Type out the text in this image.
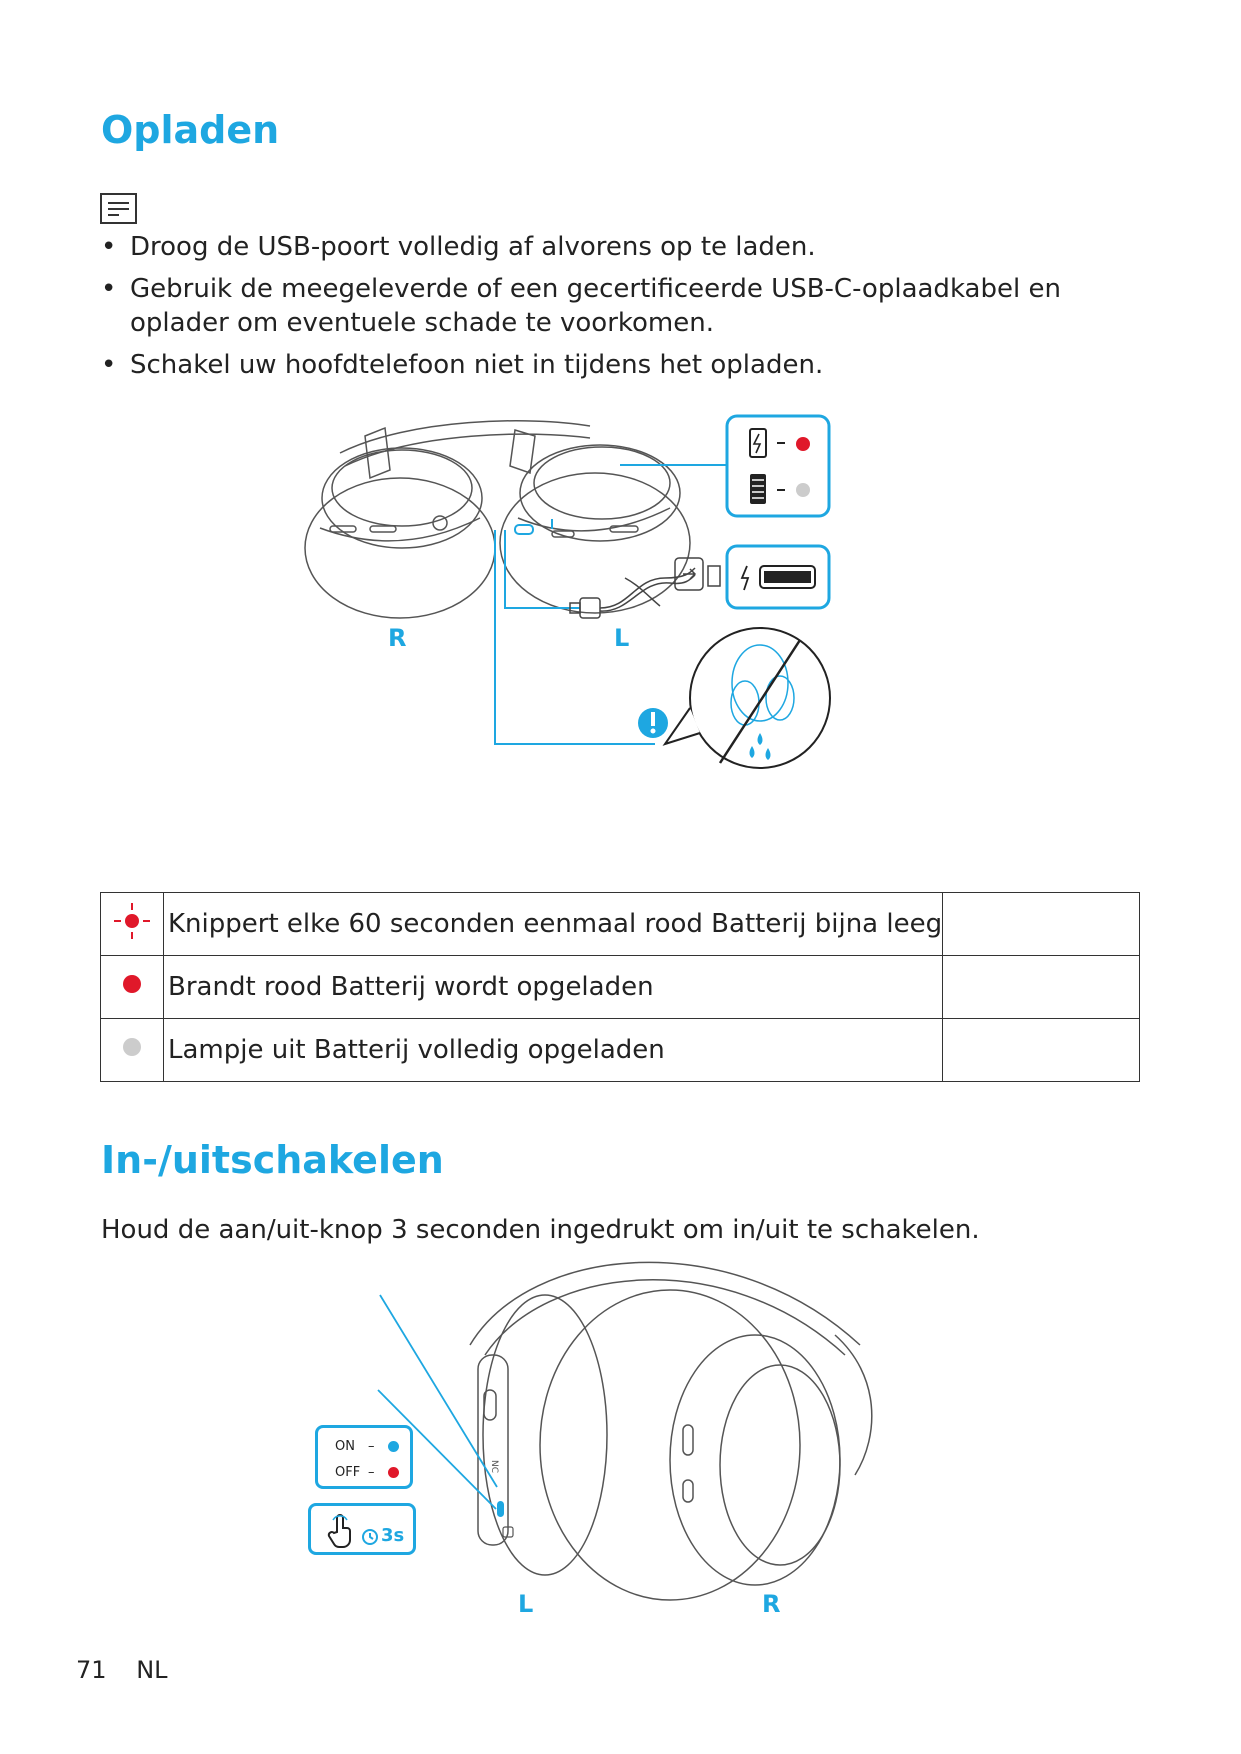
Opladen
• Droog de USB-poort volledig af alvorens op te laden.
• Gebruik de meegeleverde of een gecertificeerde USB-C-oplaadkabel en oplader om eventuele schade te voorkomen.
• Schakel uw hoofdtelefoon niet in tijdens het opladen.
R	L
	Knippert elke 60 seconden eenmaal rood Batterij bijna leeg	
	Brandt rood Batterij wordt opgeladen	
	Lampje uit Batterij volledig opgeladen	
In-/uitschakelen

Houd de aan/uit-knop 3 seconden ingedrukt om in/uit te schakelen.

NC
ON –
OFF –
3s
L	R
71 NL
